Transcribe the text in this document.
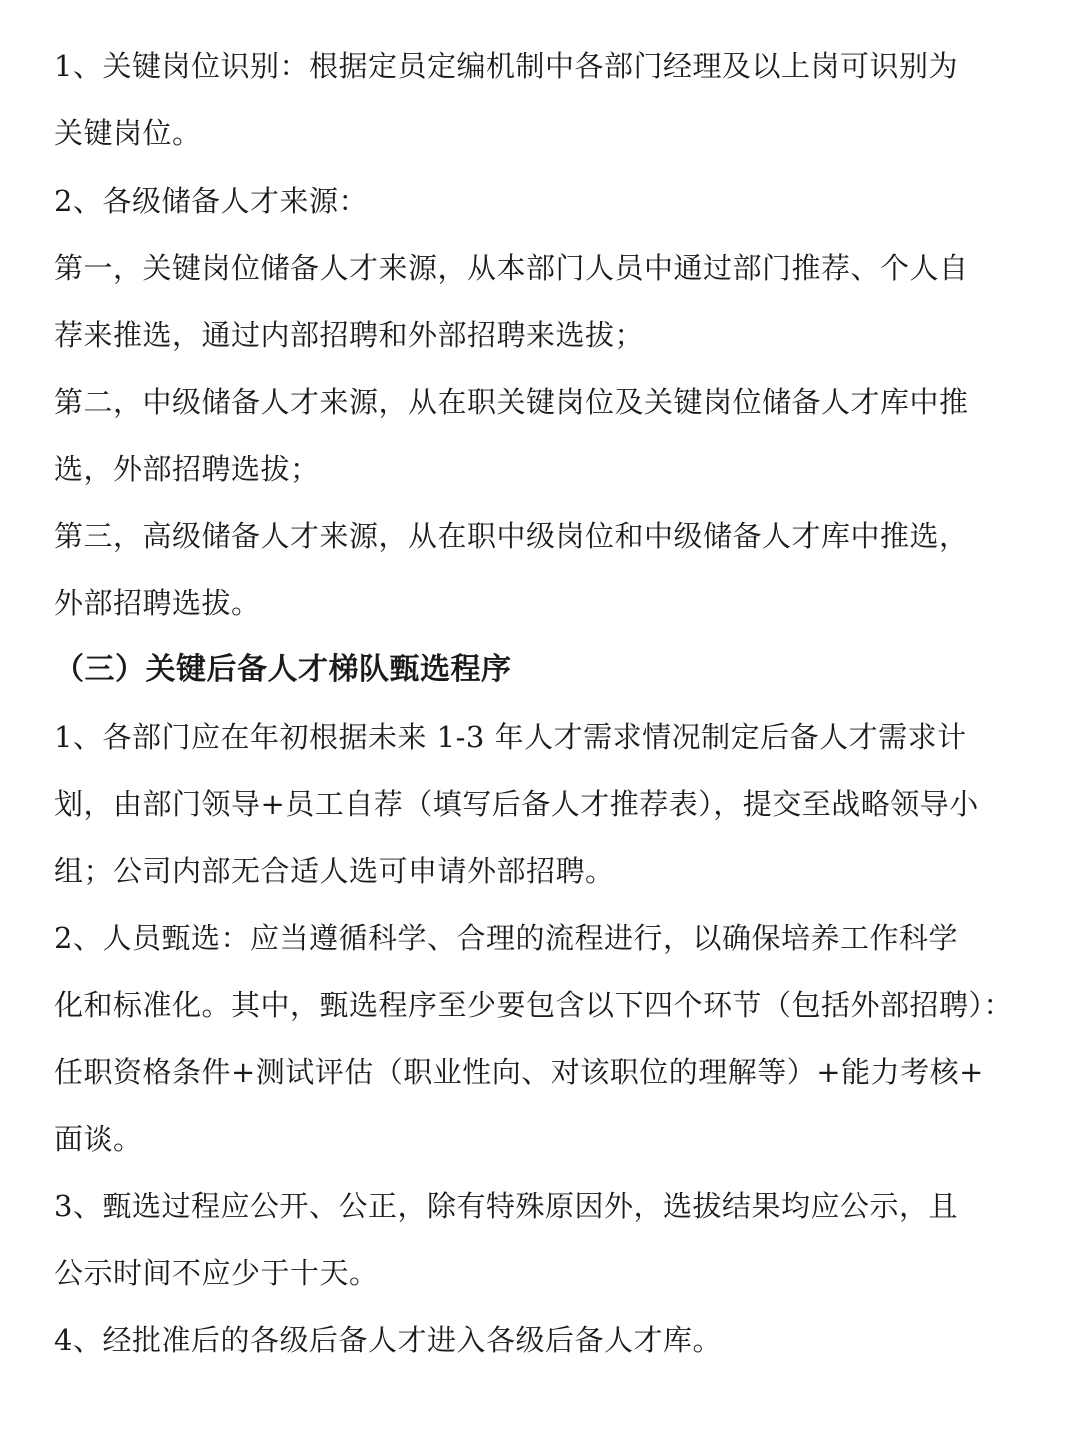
1、关键岗位识别：根据定员定编机制中各部门经理及以上岗可识别为
关键岗位。
2、各级储备人才来源：
第一，关键岗位储备人才来源，从本部门人员中通过部门推荐、个人自
荐来推选，通过内部招聘和外部招聘来选拔；
第二，中级储备人才来源，从在职关键岗位及关键岗位储备人才库中推
选，外部招聘选拔；
第三，高级储备人才来源，从在职中级岗位和中级储备人才库中推选，
外部招聘选拔。
（三）关键后备人才梯队甄选程序
1、各部门应在年初根据未来 1-3 年人才需求情况制定后备人才需求计
划，由部门领导+员工自荐（填写后备人才推荐表），提交至战略领导小
组；公司内部无合适人选可申请外部招聘。
2、人员甄选：应当遵循科学、合理的流程进行，以确保培养工作科学
化和标准化。其中，甄选程序至少要包含以下四个环节（包括外部招聘）：
任职资格条件+测试评估（职业性向、对该职位的理解等）+能力考核+
面谈。
3、甄选过程应公开、公正，除有特殊原因外，选拔结果均应公示，且
公示时间不应少于十天。
4、经批准后的各级后备人才进入各级后备人才库。
